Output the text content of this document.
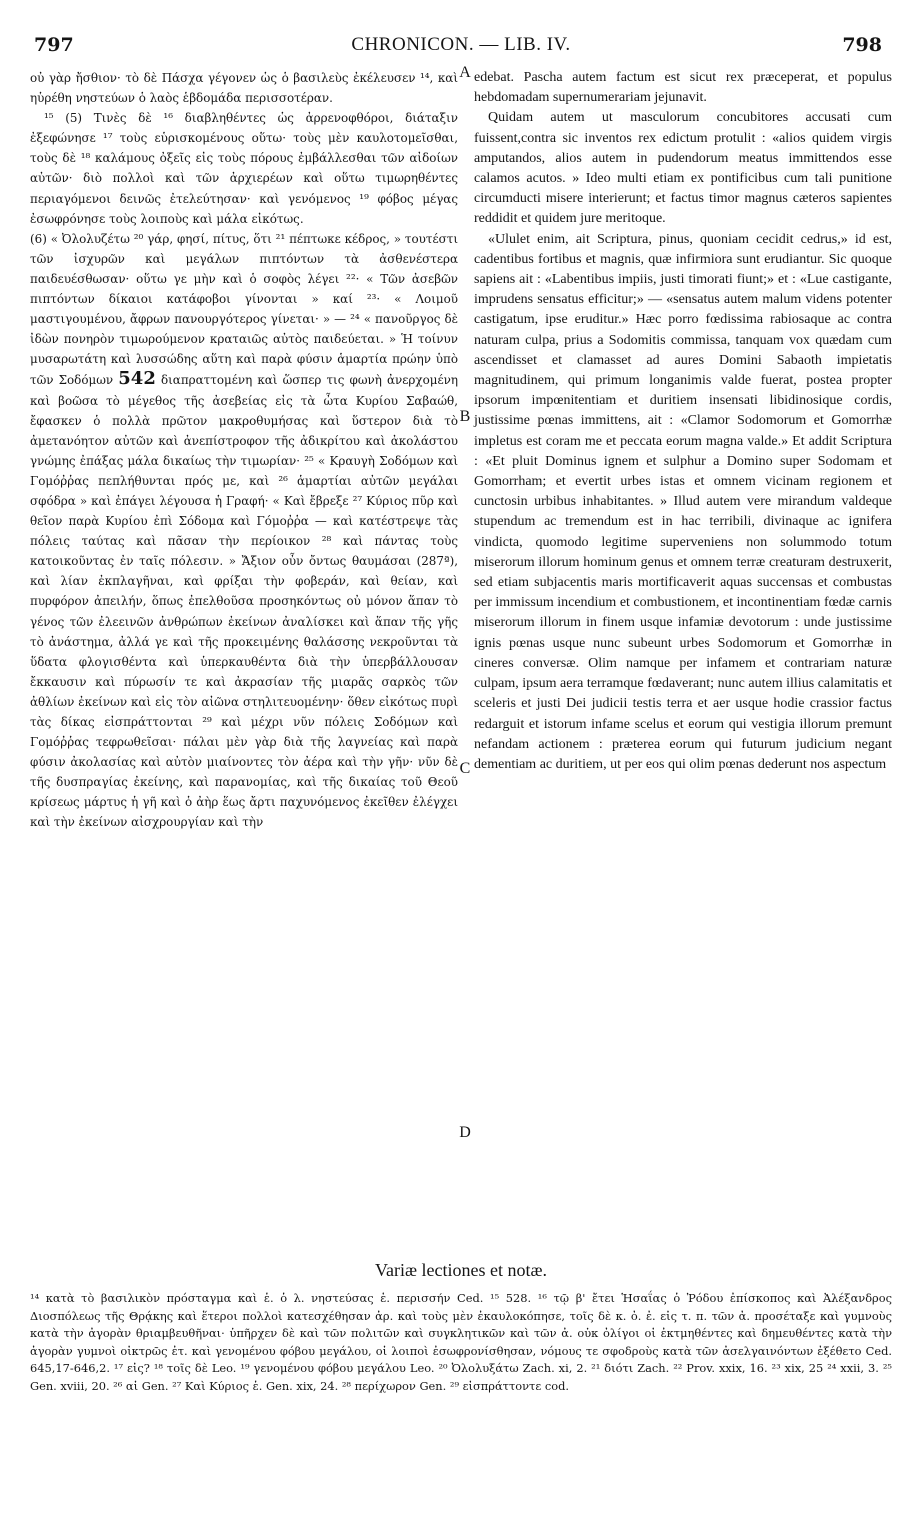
797	CHRONICON. — LIB. IV.	798

οὐ γὰρ ἤσθιον· τὸ δὲ Πάσχα γέγονεν ὡς ὁ βασιλεὺς ἐκέλευσεν ¹⁴, καὶ ηὑρέθη νηστεύων ὁ λαὸς ἑβδομάδα περισσοτέραν.

¹⁵ (5) Τινὲς δὲ ¹⁶ διαβληθέντες ὡς ἀρρενοφθόροι, διάταξιν ἐξεφώνησε ¹⁷ τοὺς εὑρισκομένους οὕτω· τοὺς μὲν καυλοτομεῖσθαι, τοὺς δὲ ¹⁸ καλάμους ὀξεῖς εἰς τοὺς πόρους ἐμβάλλεσθαι τῶν αἰδοίων αὐτῶν· διὸ πολλοὶ καὶ τῶν ἀρχιερέων καὶ οὕτω τιμωρηθέντες περιαγόμενοι δεινῶς ἐτελεύτησαν· καὶ γενόμενος ¹⁹ φόβος μέγας ἐσωφρόνησε τοὺς λοιποὺς καὶ μάλα εἰκότως.

(6) « Ὀλολυζέτω ²⁰ γάρ, φησί, πίτυς, ὅτι ²¹ πέπτωκε κέδρος, » τουτέστι τῶν ἰσχυρῶν καὶ μεγάλων πιπτόντων τὰ ἀσθενέστερα παιδευέσθωσαν· οὕτω γε μὴν καὶ ὁ σοφὸς λέγει ²²· « Τῶν ἀσεβῶν πιπτόντων δίκαιοι κατάφοβοι γίνονται » καί ²³· « Λοιμοῦ μαστιγουμένου, ἄφρων πανουργότερος γίνεται· » — ²⁴ « πανοῦργος δὲ ἰδὼν πονηρὸν τιμωρούμενον κραταιῶς αὐτὸς παιδεύεται. » Ἡ τοίνυν μυσαρωτάτη καὶ λυσσώδης αὕτη καὶ παρὰ φύσιν ἁμαρτία πρώην ὑπὸ τῶν Σοδόμων 542 διαπραττομένη καὶ ὥσπερ τις φωνὴ ἀνερχομένη καὶ βοῶσα τὸ μέγεθος τῆς ἀσεβείας εἰς τὰ ὦτα Κυρίου Σαβαώθ, ἔφασκεν ὁ πολλὰ πρῶτον μακροθυμήσας καὶ ὕστερον διὰ τὸ ἀμετανόητον αὐτῶν καὶ ἀνεπίστροφον τῆς ἀδικρίτου καὶ ἀκολάστου γνώμης ἐπάξας μάλα δικαίως τὴν τιμωρίαν· ²⁵ « Κραυγὴ Σοδόμων καὶ Γομόῤῥας πεπλήθυνται πρός με, καὶ ²⁶ ἁμαρτίαι αὐτῶν μεγάλαι σφόδρα » καὶ ἐπάγει λέγουσα ἡ Γραφή· « Καὶ ἔβρεξε ²⁷ Κύριος πῦρ καὶ θεῖον παρὰ Κυρίου ἐπὶ Σόδομα καὶ Γόμοῤῥα — καὶ κατέστρεψε τὰς πόλεις ταύτας καὶ πᾶσαν τὴν περίοικον ²⁸ καὶ πάντας τοὺς κατοικοῦντας ἐν ταῖς πόλεσιν. » Ἄξιον οὖν ὄντως θαυμάσαι (287ª), καὶ λίαν ἐκπλαγῆναι, καὶ φρίξαι τὴν φοβεράν, καὶ θείαν, καὶ πυρφόρον ἀπειλήν, ὅπως ἐπελθοῦσα προσηκόντως οὐ μόνον ἅπαν τὸ γένος τῶν ἐλεεινῶν ἀνθρώπων ἐκείνων ἀναλίσκει καὶ ἅπαν τῆς γῆς τὸ ἀνάστημα, ἀλλά γε καὶ τῆς προκειμένης θαλάσσης νεκροῦνται τὰ ὕδατα φλογισθέντα καὶ ὑπερκαυθέντα διὰ τὴν ὑπερβάλλουσαν ἔκκαυσιν καὶ πύρωσίν τε καὶ ἀκρασίαν τῆς μιαρᾶς σαρκὸς τῶν ἀθλίων ἐκείνων καὶ εἰς τὸν αἰῶνα στηλιτευομένην· ὅθεν εἰκότως πυρὶ τὰς δίκας εἰσπράττονται ²⁹ καὶ μέχρι νῦν πόλεις Σοδόμων καὶ Γομόῤῥας τεφρωθεῖσαι· πάλαι μὲν γὰρ διὰ τῆς λαγνείας καὶ παρὰ φύσιν ἀκολασίας καὶ αὐτὸν μιαίνοντες τὸν ἀέρα καὶ τὴν γῆν· νῦν δὲ τῆς δυσπραγίας ἐκείνης, καὶ παρανομίας, καὶ τῆς δικαίας τοῦ Θεοῦ κρίσεως μάρτυς ἡ γῆ καὶ ὁ ἀὴρ ἕως ἄρτι παχυνόμενος ἐκεῖθεν ἐλέγχει καὶ τὴν ἐκείνων αἰσχρουργίαν καὶ τὴν

A
B
C
D

edebat. Pascha autem factum est sicut rex præceperat, et populus hebdomadam supernumerariam jejunavit.

Quidam autem ut masculorum concubitores accusati cum fuissent,contra sic inventos rex edictum protulit : «alios quidem virgis amputandos, alios autem in pudendorum meatus immittendos esse calamos acutos. » Ideo multi etiam ex pontificibus cum tali punitione circumducti misere interierunt; et factus timor magnus cæteros sapientes reddidit et quidem jure meritoque.

«Ululet enim, ait Scriptura, pinus, quoniam cecidit cedrus,» id est, cadentibus fortibus et magnis, quæ infirmiora sunt erudiantur. Sic quoque sapiens ait : «Labentibus impiis, justi timorati fiunt;» et : «Lue castigante, imprudens sensatus efficitur;» — «sensatus autem malum videns potenter castigatum, ipse eruditur.» Hæc porro fœdissima rabiosaque ac contra naturam culpa, prius a Sodomitis commissa, tanquam vox quædam cum ascendisset et clamasset ad aures Domini Sabaoth impietatis magnitudinem, qui primum longanimis valde fuerat, postea propter ipsorum impœnitentiam et duritiem insensati libidinosique cordis, justissime pœnas immittens, ait : «Clamor Sodomorum et Gomorrhæ impletus est coram me et peccata eorum magna valde.» Et addit Scriptura : «Et pluit Dominus ignem et sulphur a Domino super Sodomam et Gomorrham; et evertit urbes istas et omnem vicinam regionem et cunctosin urbibus inhabitantes. » Illud autem vere mirandum valdeque stupendum ac tremendum est in hac terribili, divinaque ac ignifera vindicta, quomodo legitime superveniens non solummodo totum miserorum illorum hominum genus et omnem terræ creaturam destruxerit, sed etiam subjacentis maris mortificaverit aquas succensas et combustas per immissum incendium et combustionem, et incontinentiam fœdæ carnis miserorum illorum in finem usque infamiæ devotorum : unde justissime ignis pœnas usque nunc subeunt urbes Sodomorum et Gomorrhæ in cineres conversæ. Olim namque per infamem et contrariam naturæ culpam, ipsum aera terramque fœdaverant; nunc autem illius calamitatis et sceleris et justi Dei judicii testis terra et aer usque hodie crassior factus redarguit et istorum infame scelus et eorum qui vestigia illorum premunt nefandam actionem : præterea eorum qui futurum judicium negant dementiam ac duritiem, ut per eos qui olim pœnas dederunt nos aspectum

Variæ lectiones et notæ.
¹⁴ κατὰ τὸ βασιλικὸν πρόσταγμα καὶ ἑ. ὁ λ. νηστεύσας ἑ. περισσήν Ced. ¹⁵ 528. ¹⁶ τῷ β' ἔτει Ἡσαΐας ὁ Ῥόδου ἐπίσκοπος καὶ Ἀλέξανδρος Διοσπόλεως τῆς Θρᾴκης καὶ ἕτεροι πολλοὶ κατεσχέθησαν ἀρ. καὶ τοὺς μὲν ἐκαυλοκόπησε, τοῖς δὲ κ. ὀ. ἐ. εἰς τ. π. τῶν ἀ. προσέταξε καὶ γυμνοὺς κατὰ τὴν ἀγορὰν θριαμβευθῆναι· ὑπῆρχεν δὲ καὶ τῶν πολιτῶν καὶ συγκλητικῶν καὶ τῶν ἀ. οὐκ ὀλίγοι οἱ ἐκτμηθέντες καὶ δημευθέντες κατὰ τὴν ἀγορὰν γυμνοὶ οἰκτρῶς ἐτ. καὶ γενομένου φόβου μεγάλου, οἱ λοιποὶ ἐσωφρονίσθησαν, νόμους τε σφοδροὺς κατὰ τῶν ἀσελγαινόντων ἐξέθετο Ced. 645,17-646,2. ¹⁷ εἰς? ¹⁸ τοῖς δὲ Leo. ¹⁹ γενομένου φόβου μεγάλου Leo. ²⁰ Ὀλολυξάτω Zach. xi, 2. ²¹ διότι Zach. ²² Prov. xxix, 16. ²³ xix, 25 ²⁴ xxii, 3. ²⁵ Gen. xviii, 20. ²⁶ αἱ Gen. ²⁷ Καὶ Κύριος ἑ. Gen. xix, 24. ²⁸ περίχωρον Gen. ²⁹ εἰσπράττοντε cod.
